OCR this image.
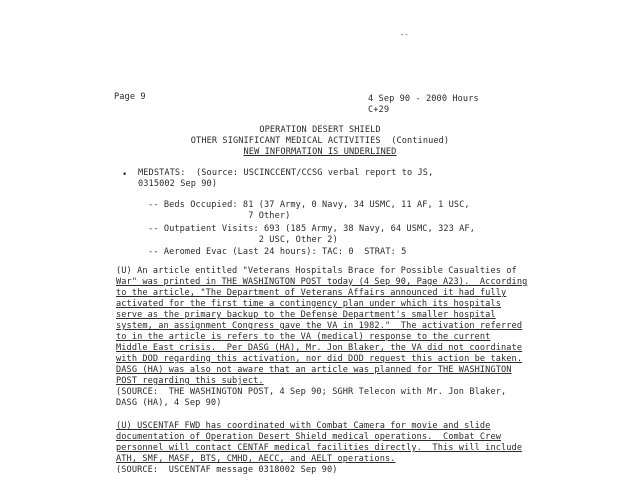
--
Page 9	4 Sep 90 - 2000 Hours
C+29
OPERATION DESERT SHIELD
OTHER SIGNIFICANT MEDICAL ACTIVITIES  (Continued)
NEW INFORMATION IS UNDERLINED
• MEDSTATS:  (Source: USCINCCENT/CCSG verbal report to JS,
0315002 Sep 90)
-- Beds Occupied: 81 (37 Army, 0 Navy, 34 USMC, 11 AF, 1 USC,
7 Other)
-- Outpatient Visits: 693 (185 Army, 38 Navy, 64 USMC, 323 AF,
2 USC, Other 2)
-- Aeromed Evac (Last 24 hours): TAC: 0  STRAT: 5
(U) An article entitled "Veterans Hospitals Brace for Possible Casualties of
War" was printed in THE WASHINGTON POST today (4 Sep 90, Page A23).  According
to the article, "The Department of Veterans Affairs announced it had fully
activated for the first time a contingency plan under which its hospitals
serve as the primary backup to the Defense Department's smaller hospital
system, an assignment Congress gave the VA in 1982."  The activation referred
to in the article is refers to the VA (medical) response to the current
Middle East crisis.  Per DASG (HA), Mr. Jon Blaker, the VA did not coordinate
with DOD regarding this activation, nor did DOD request this action be taken.
DASG (HA) was also not aware that an article was planned for THE WASHINGTON
POST regarding this subject.
(SOURCE:  THE WASHINGTON POST, 4 Sep 90; SGHR Telecon with Mr. Jon Blaker,
DASG (HA), 4 Sep 90)
(U) USCENTAF FWD has coordinated with Combat Camera for movie and slide
documentation of Operation Desert Shield medical operations.  Combat Crew
personnel will contact CENTAF medical facilities directly.  This will include
ATH, SMF, MASF, BTS, CMHD, AECC, and AELT operations.
(SOURCE:  USCENTAF message 0318002 Sep 90)
